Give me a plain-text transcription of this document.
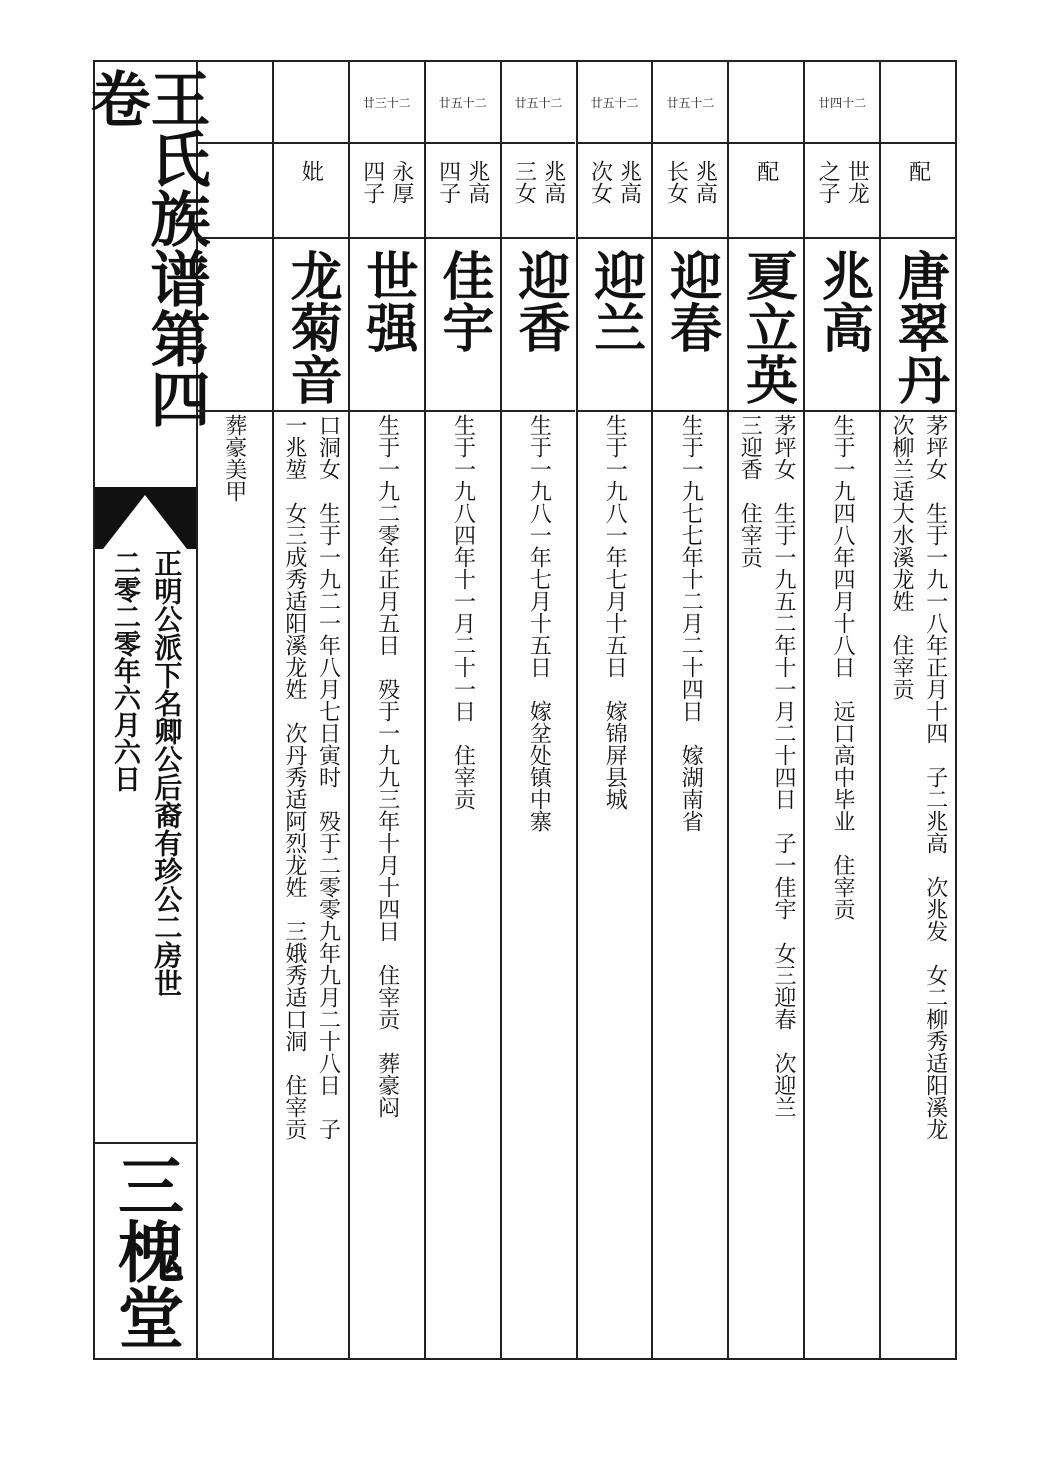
王氏族谱第四卷
正明公派下名卿公后裔有珍公二房世
二零二零年六月六日
三槐堂
配
唐翠丹
茅坪女　生于一九一八年正月十四　子二兆高　次兆发　女二柳秀适阳溪龙
次柳兰适大水溪龙姓　住宰贡
廿四十二
世龙
之子
兆高
生于一九四八年四月十八日　远口高中毕业　住宰贡
配
夏立英
茅坪女　生于一九五二年十一月二十四日　子一佳宇　女三迎春　次迎兰
三迎香　住宰贡
廿五十二
兆高
长女
迎春
生于一九七七年十二月二十四日　嫁湖南省
廿五十二
兆高
次女
迎兰
生于一九八一年七月十五日　嫁锦屏县城
廿五十二
兆高
三女
迎香
生于一九八一年七月十五日　嫁坌处镇中寨
廿五十二
兆高
四子
佳宇
生于一九八四年十一月二十一日　住宰贡
廿三十二
永厚
四子
世强
生于一九二零年正月五日　殁于一九九三年十月十四日　住宰贡　葬豪闷
妣
龙菊音
口洞女　生于一九二一年八月七日寅时　殁于二零零九年九月二十八日　子
一兆堃　女三成秀适阳溪龙姓　次丹秀适阿烈龙姓　三娥秀适口洞　住宰贡
葬豪美甲
